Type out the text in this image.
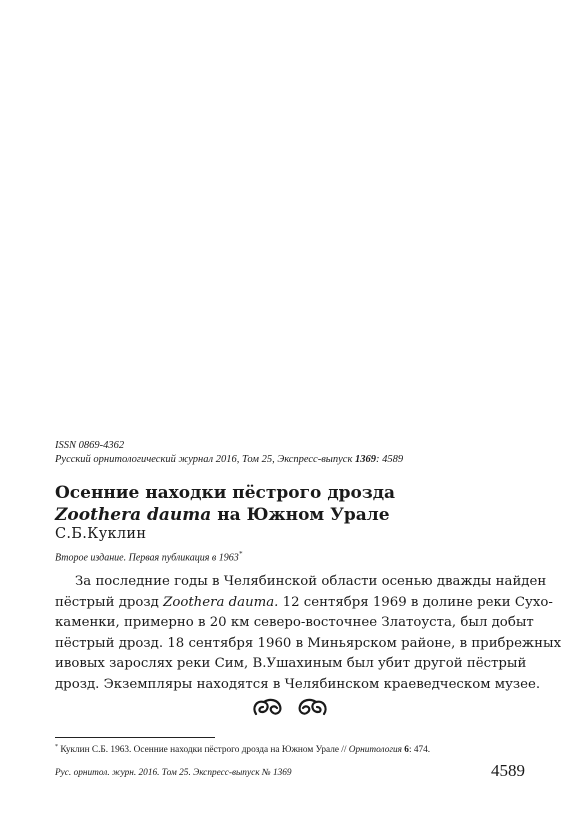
ISSN 0869-4362
Русский орнитологический журнал 2016, Том 25, Экспресс-выпуск 1369: 4589
Осенние находки пёстрого дрозда
Zoothera dauma на Южном Урале
С.Б.Куклин
Второе издание. Первая публикация в 1963*
За последние годы в Челябинской области осенью дважды найден
пёстрый дрозд Zoothera dauma. 12 сентября 1969 в долине реки Сухо-
каменки, примерно в 20 км северо-восточнее Златоуста, был добыт
пёстрый дрозд. 18 сентября 1960 в Миньярском районе, в прибрежных
ивовых зарослях реки Сим, В.Ушахиным был убит другой пёстрый
дрозд. Экземпляры находятся в Челябинском краеведческом музее.
* Куклин С.Б. 1963. Осенние находки пёстрого дрозда на Южном Урале // Орнитология 6: 474.
Рус. орнитол. журн. 2016. Том 25. Экспресс-выпуск № 1369	4589
